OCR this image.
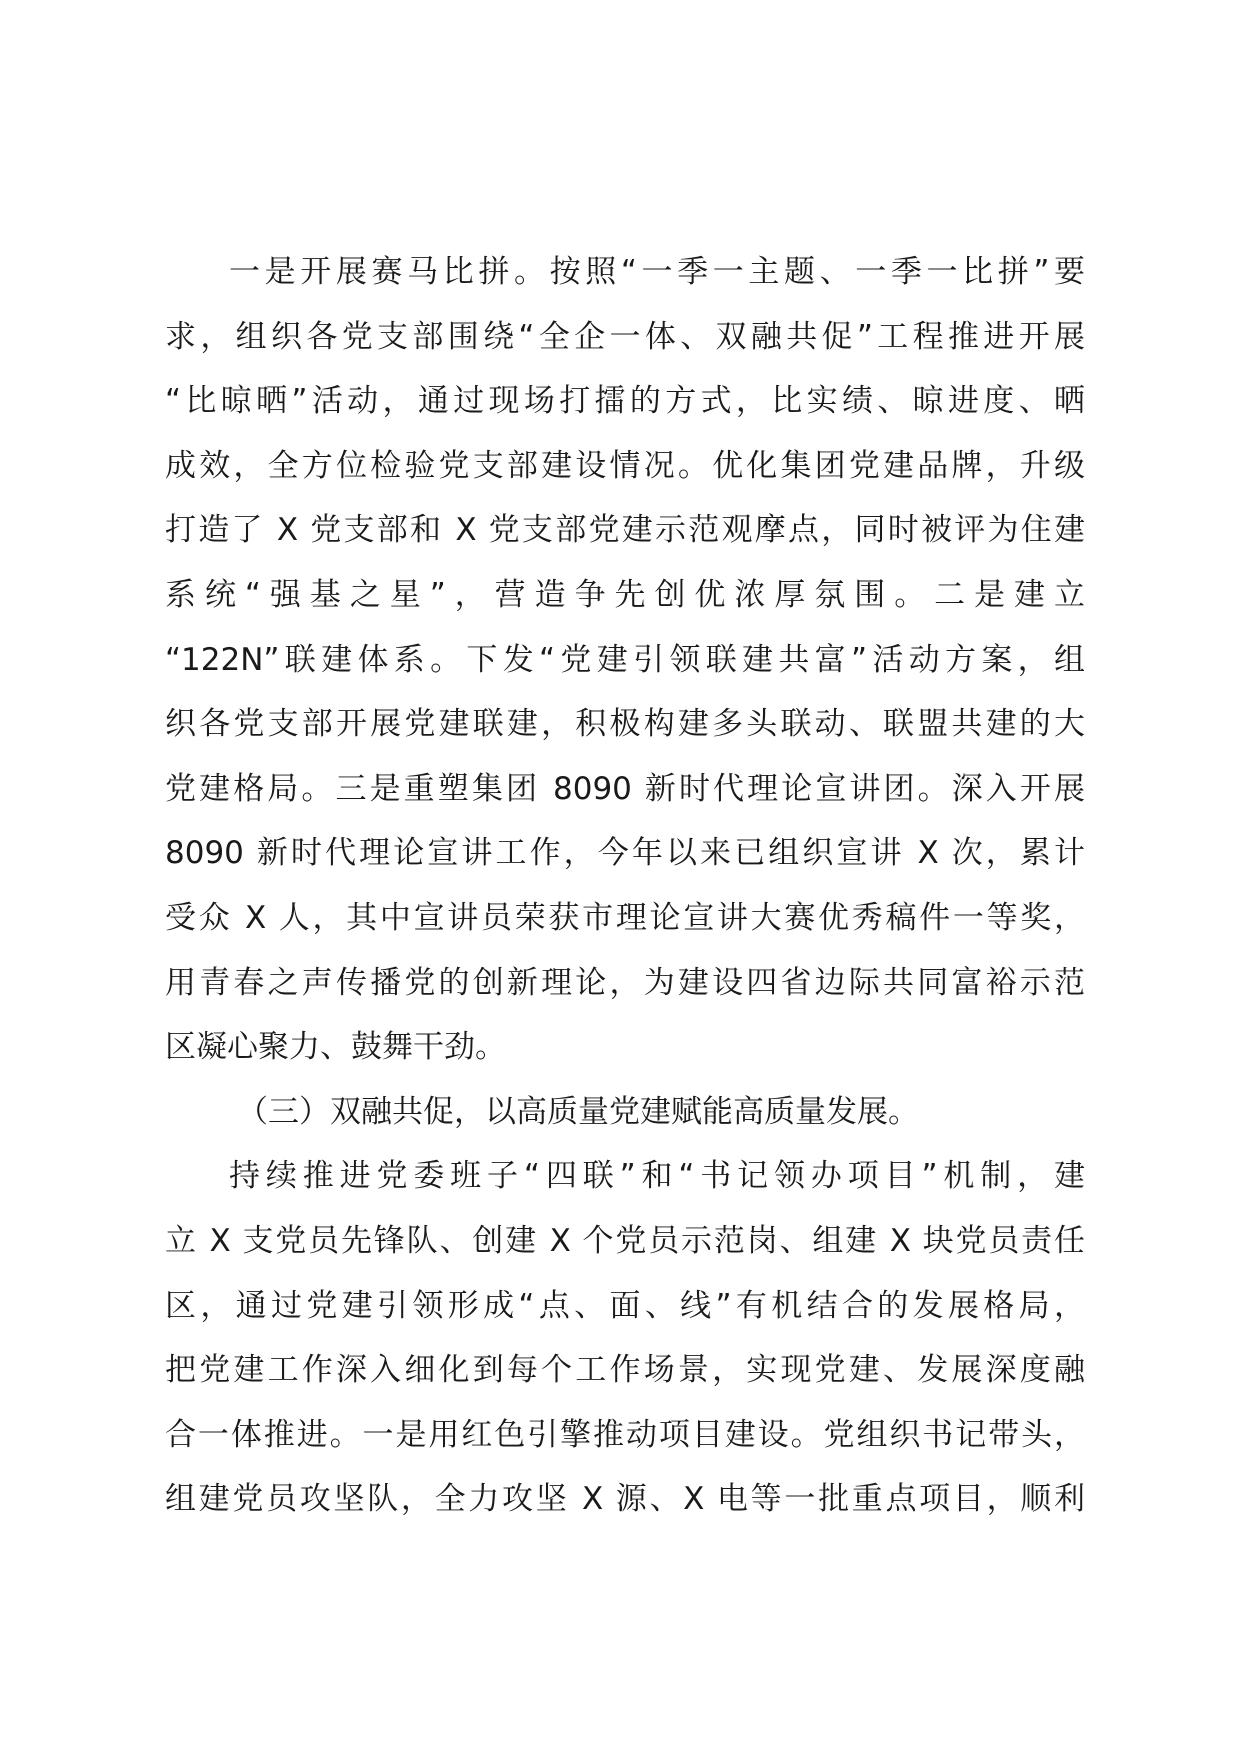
一是开展赛马比拼。按照“一季一主题、一季一比拼”要
求，组织各党支部围绕“全企一体、双融共促”工程推进开展
“比晾晒”活动，通过现场打擂的方式，比实绩、晾进度、晒
成效，全方位检验党支部建设情况。优化集团党建品牌，升级
打造了 X 党支部和 X 党支部党建示范观摩点，同时被评为住建
系统“强基之星”，营造争先创优浓厚氛围。二是建立
“122N”联建体系。下发“党建引领联建共富”活动方案，组
织各党支部开展党建联建，积极构建多头联动、联盟共建的大
党建格局。三是重塑集团 8090 新时代理论宣讲团。深入开展
8090 新时代理论宣讲工作，今年以来已组织宣讲 X 次，累计
受众 X 人，其中宣讲员荣获市理论宣讲大赛优秀稿件一等奖，
用青春之声传播党的创新理论，为建设四省边际共同富裕示范
区凝心聚力、鼓舞干劲。
（三）双融共促，以高质量党建赋能高质量发展。
持续推进党委班子“四联”和“书记领办项目”机制，建
立 X 支党员先锋队、创建 X 个党员示范岗、组建 X 块党员责任
区，通过党建引领形成“点、面、线”有机结合的发展格局，
把党建工作深入细化到每个工作场景，实现党建、发展深度融
合一体推进。一是用红色引擎推动项目建设。党组织书记带头，
组建党员攻坚队，全力攻坚 X 源、X 电等一批重点项目，顺利
